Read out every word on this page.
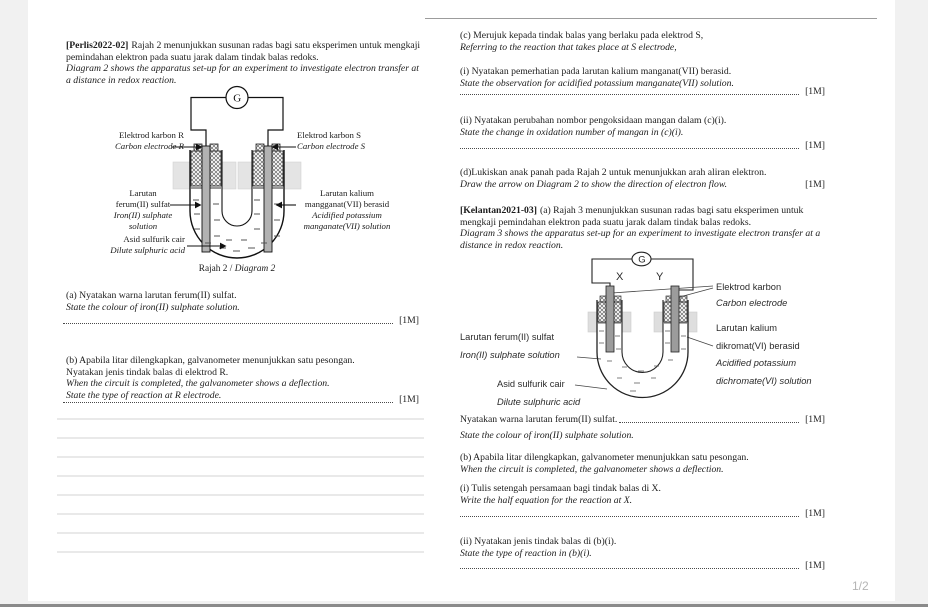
[Perlis2022-02] Rajah 2 menunjukkan susunan radas bagi satu eksperimen untuk mengkaji pemindahan elektron pada suatu jarak dalam tindak balas redoks.
Diagram 2 shows the apparatus set-up for an experiment to investigate electron transfer at a distance in redox reaction.
G
Elektrod karbon R
Carbon electrode R
Elektrod karbon S
Carbon electrode S
Larutan
ferum(II) sulfat
Iron(II) sulphate
solution
Larutan kalium
mangganat(VII) berasid
Acidified potassium
manganate(VII) solution
Asid sulfurik cair
Dilute sulphuric acid
Rajah 2 / Diagram 2
(a) Nyatakan warna larutan ferum(II) sulfat.
State the colour of iron(II) sulphate solution.
[1M]
(b) Apabila litar dilengkapkan, galvanometer menunjukkan satu pesongan.
Nyatakan jenis tindak balas di elektrod R.
When the circuit is completed, the galvanometer shows a deflection.
State the type of reaction at R electrode.	[1M]
(c) Merujuk kepada tindak balas yang berlaku pada elektrod S,
Referring to the reaction that takes place at S electrode,
(i) Nyatakan pemerhatian pada larutan kalium manganat(VII) berasid.
State the observation for acidified potassium manganate(VII) solution.
[1M]
(ii) Nyatakan perubahan nombor pengoksidaan mangan dalam (c)(i).
State the change in oxidation number of mangan in (c)(i).
[1M]
(d)Lukiskan anak panah pada Rajah 2 untuk menunjukkan arah aliran elektron.
Draw the arrow on Diagram 2 to show the direction of electron flow.	[1M]
[Kelantan2021-03] (a) Rajah 3 menunjukkan susunan radas bagi satu eksperimen untuk mengkaji pemindahan elektron pada suatu jarak dalam tindak balas redoks.
Diagram 3 shows the apparatus set-up for an experiment to investigate electron transfer at a distance in redox reaction.
G
X	Y
Elektrod karbon
Carbon electrode
Larutan ferum(II) sulfat
Iron(II) sulphate solution
Larutan kalium
dikromat(VI) berasid
Acidified potassium
dichromate(VI) solution
Asid sulfurik cair
Dilute sulphuric acid
Nyatakan warna larutan ferum(II) sulfat.	[1M]
State the colour of iron(II) sulphate solution.
(b) Apabila litar dilengkapkan, galvanometer menunjukkan satu pesongan.
When the circuit is completed, the galvanometer shows a deflection.
(i) Tulis setengah persamaan bagi tindak balas di X.
Write the half equation for the reaction at X.
[1M]
(ii) Nyatakan jenis tindak balas di (b)(i).
State the type of reaction in (b)(i).
[1M]
1/2
